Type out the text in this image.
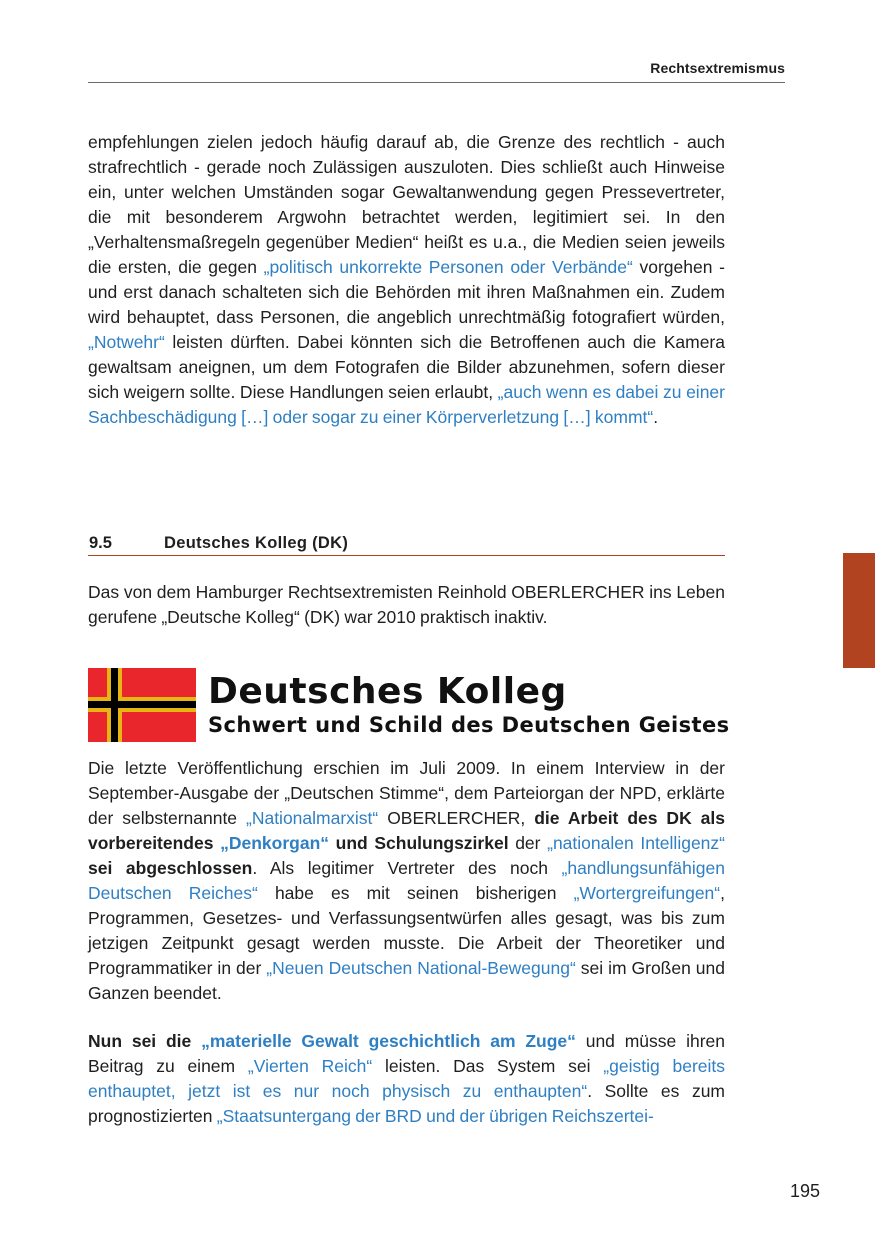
Rechtsextremismus
empfehlungen zielen jedoch häufig darauf ab, die Grenze des rechtlich - auch strafrechtlich - gerade noch Zulässigen auszuloten. Dies schließt auch Hinweise ein, unter welchen Umständen sogar Gewaltanwendung gegen Pressevertreter, die mit besonderem Argwohn betrachtet werden, legitimiert sei. In den „Verhaltensmaßregeln gegenüber Medien“ heißt es u.a., die Medien seien jeweils die ersten, die gegen „politisch unkorrekte Personen oder Verbände“ vorgehen - und erst danach schalteten sich die Behörden mit ihren Maßnahmen ein. Zudem wird behauptet, dass Personen, die angeblich unrechtmäßig fotografiert würden, „Notwehr“ leisten dürften. Dabei könnten sich die Betroffenen auch die Kamera gewaltsam aneignen, um dem Fotografen die Bilder abzunehmen, sofern dieser sich weigern sollte. Diese Handlungen seien erlaubt, „auch wenn es dabei zu einer Sachbeschädigung […] oder sogar zu einer Körperverletzung […] kommt“.
9.5	Deutsches Kolleg (DK)
Das von dem Hamburger Rechtsextremisten Reinhold OBERLERCHER ins Leben gerufene „Deutsche Kolleg“ (DK) war 2010 praktisch inaktiv.
Deutsches Kolleg
Schwert und Schild des Deutschen Geistes
Die letzte Veröffentlichung erschien im Juli 2009. In einem Interview in der September-Ausgabe der „Deutschen Stimme“, dem Parteiorgan der NPD, erklärte der selbsternannte „Nationalmarxist“ OBERLERCHER, die Arbeit des DK als vorbereitendes „Denkorgan“ und Schulungszirkel der „nationalen Intelligenz“ sei abgeschlossen. Als legitimer Vertreter des noch „handlungsunfähigen Deutschen Reiches“ habe es mit seinen bisherigen „Wortergreifungen“, Programmen, Gesetzes- und Verfassungsentwürfen alles gesagt, was bis zum jetzigen Zeitpunkt gesagt werden musste. Die Arbeit der Theoretiker und Programmatiker in der „Neuen Deutschen National-Bewegung“ sei im Großen und Ganzen beendet.
Nun sei die „materielle Gewalt geschichtlich am Zuge“ und müsse ihren Beitrag zu einem „Vierten Reich“ leisten. Das System sei „geistig bereits enthauptet, jetzt ist es nur noch physisch zu enthaupten“. Sollte es zum prognostizierten „Staatsuntergang der BRD und der übrigen Reichszertei-
195
